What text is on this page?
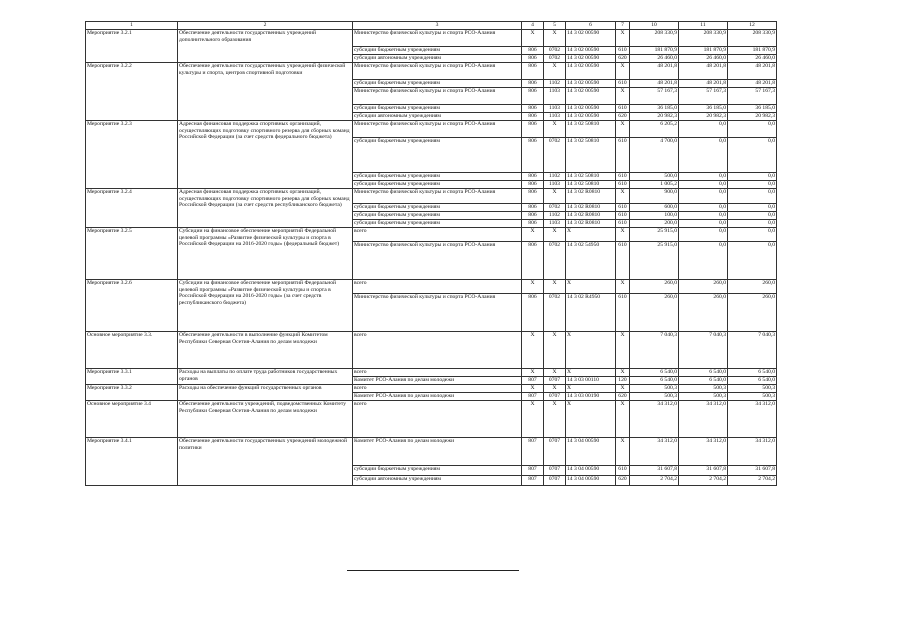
1	2	3	4	5	6	7	10	11	12
Мероприятие 3.2.1	Обеспечение деятельности государственных учреждений дополнительного образования	Министерство физической культуры и спорта РСО-Алания	X	X	14 3 02 00590	X	208 330,9	208 330,9	208 330,9
		субсидии бюджетным учреждениям	806	0702	14 3 02 00590	610	181 870,9	181 870,9	181 870,9
		субсидии автономным учреждениям	806	0702	14 3 02 00590	620	26 460,0	26 460,0	26 460,0
Мероприятие 3.2.2	Обеспечение деятельности государственных учреждений физической культуры и спорта, центров спортивной подготовки	Министерство физической культуры и спорта РСО-Алания	806	X	14 3 02 00590	X	48 201,8	48 201,8	48 201,8
		субсидии бюджетным учреждениям	806	1102	14 3 02 00590	610	48 201,8	48 201,8	48 201,8
		Министерство физической культуры и спорта РСО-Алания	806	1103	14 3 02 00590	X	57 167,3	57 167,3	57 167,3
		субсидии бюджетным учреждениям	806	1103	14 3 02 00590	610	36 185,0	36 185,0	36 185,0
		субсидии автономным учреждениям	806	1103	14 3 02 00590	620	20 982,3	20 982,3	20 982,3
Мероприятие 3.2.3	Адресная финансовая поддержка спортивных организаций, осуществляющих подготовку спортивного резерва для сборных команд Российской Федерации (за счет средств федерального бюджета)	Министерство физической культуры и спорта РСО-Алания	806	X	14 3 02 50810	X	6 205,2	0,0	0,0
		субсидии бюджетным учреждениям	806	0702	14 3 02 50810	610	4 700,0	0,0	0,0
		субсидии бюджетным учреждениям	806	1102	14 3 02 50810	610	500,0	0,0	0,0
		субсидии бюджетным учреждениям	806	1103	14 3 02 50810	610	1 005,2	0,0	0,0
Мероприятие 3.2.4	Адресная финансовая поддержка спортивных организаций, осуществляющих подготовку спортивного резерва для сборных команд Российской Федерации (за счет средств республиканского бюджета)	Министерство физической культуры и спорта РСО-Алания	806	X	14 3 02 R0810	X	900,0	0,0	0,0
		субсидии бюджетным учреждениям	806	0702	14 3 02 R0810	610	600,0	0,0	0,0
		субсидии бюджетным учреждениям	806	1102	14 3 02 R0810	610	100,0	0,0	0,0
		субсидии бюджетным учреждениям	806	1103	14 3 02 R0810	610	200,0	0,0	0,0
Мероприятие 3.2.5	Субсидии на финансовое обеспечение мероприятий Федеральной целевой программы «Развитие физической культуры и спорта в Российской Федерации на 2016-2020 годы» (федеральный бюджет)	всего	X	X	X	X	25 915,0	0,0	0,0
		Министерство физической культуры и спорта РСО-Алания	806	0702	14 3 02 54950	610	25 915,0	0,0	0,0
Мероприятие 3.2.6	Субсидии на финансовое обеспечение мероприятий Федеральной целевой программы «Развитие физической культуры и спорта в Российской Федерации на 2016-2020 годы» (за счет средств республиканского бюджета)	всего	X	X	X	X	260,0	260,0	260,0
		Министерство физической культуры и спорта РСО-Алания	806	0702	14 3 02 R4950	610	260,0	260,0	260,0
Основное мероприятие 3.3.	Обеспечение деятельности в выполнение функций Комитетом Республики Северная Осетия-Алания по делам молодежи	всего	X	X	X	X	7 040,3	7 040,3	7 040,3
Мероприятие 3.3.1	Расходы на выплаты по оплате труда работников государственных органов	всего	X	X	X	X	6 540,0	6 540,0	6 540,0
		Комитет РСО-Алания по делам молодежи	807	0707	14 3 03 00110	120	6 540,0	6 540,0	6 540,0
Мероприятие 3.3.2	Расходы на обеспечение функций государственных органов	всего	X	X	X	X	500,3	500,3	500,3
		Комитет РСО-Алания по делам молодежи	807	0707	14 3 03 00190	620	500,3	500,3	500,3
Основное мероприятие 3.4	Обеспечение деятельности учреждений, подведомственных Комитету Республики Северная Осетия-Алания по делам молодежи	всего	X	X	X	X	34 312,0	34 312,0	34 312,0
Мероприятие 3.4.1	Обеспечение деятельности государственных учреждений молодежной политики	Комитет РСО-Алания по делам молодежи	807	0707	14 3 04 00590	X	34 312,0	34 312,0	34 312,0
		субсидии бюджетным учреждениям	807	0707	14 3 04 00590	610	31 607,8	31 607,8	31 607,8
		субсидии автономным учреждениям	807	0707	14 3 04 00590	620	2 704,2	2 704,2	2 704,2
